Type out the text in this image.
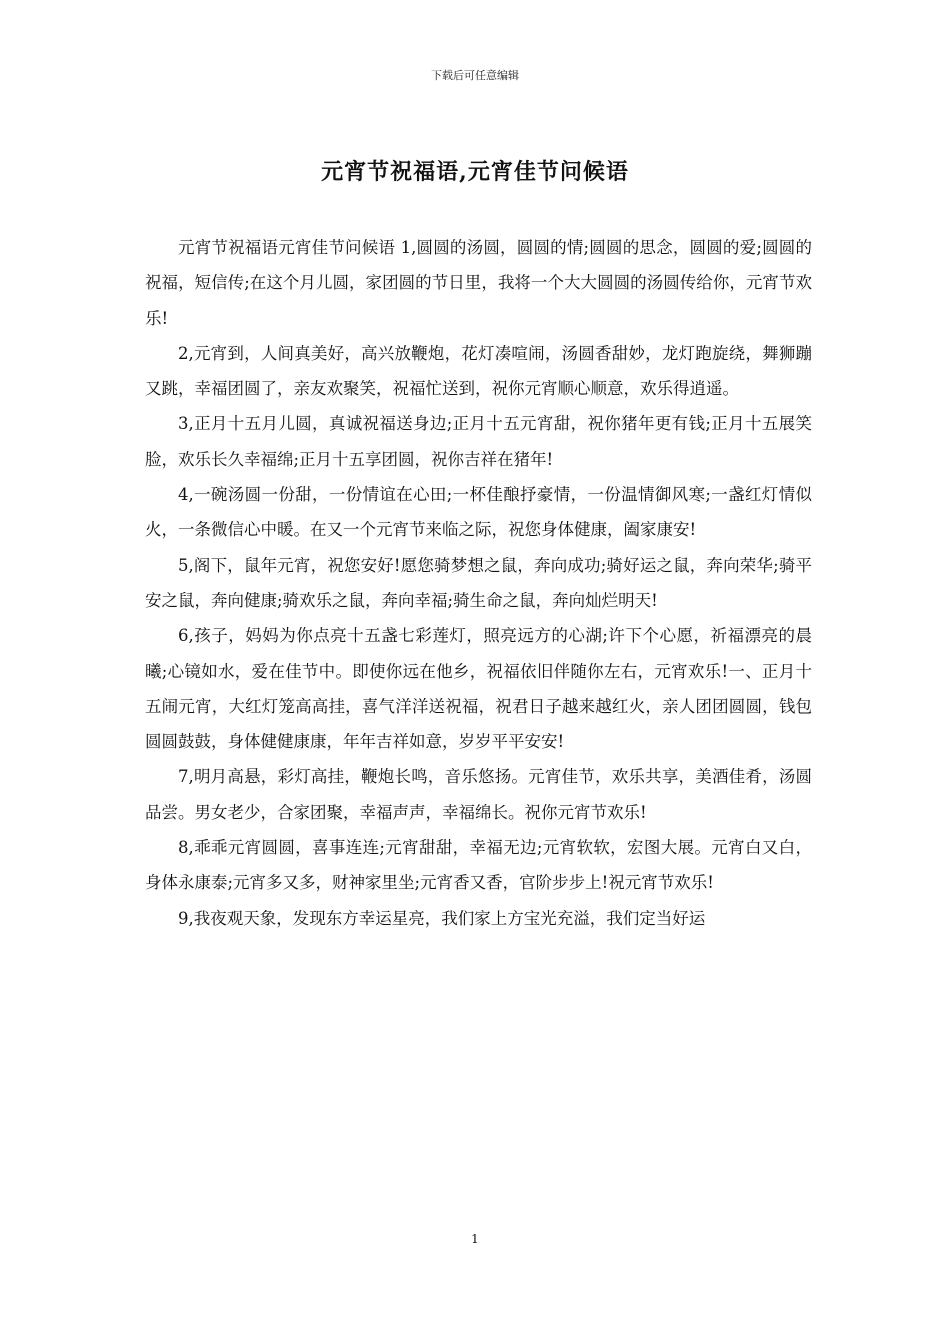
下载后可任意编辑
元宵节祝福语,元宵佳节问候语

元宵节祝福语元宵佳节问候语 1,圆圆的汤圆，圆圆的情;圆圆的思念，圆圆的爱;圆圆的祝福，短信传;在这个月儿圆，家团圆的节日里，我将一个大大圆圆的汤圆传给你，元宵节欢乐!

2,元宵到，人间真美好，高兴放鞭炮，花灯凑喧闹，汤圆香甜妙，龙灯跑旋绕，舞狮蹦又跳，幸福团圆了，亲友欢聚笑，祝福忙送到，祝你元宵顺心顺意，欢乐得逍遥。

3,正月十五月儿圆，真诚祝福送身边;正月十五元宵甜，祝你猪年更有钱;正月十五展笑脸，欢乐长久幸福绵;正月十五享团圆，祝你吉祥在猪年!

4,一碗汤圆一份甜，一份情谊在心田;一杯佳酿抒豪情，一份温情御风寒;一盏红灯情似火，一条微信心中暖。在又一个元宵节来临之际，祝您身体健康，阖家康安!

5,阁下，鼠年元宵，祝您安好!愿您骑梦想之鼠，奔向成功;骑好运之鼠，奔向荣华;骑平安之鼠，奔向健康;骑欢乐之鼠，奔向幸福;骑生命之鼠，奔向灿烂明天!

6,孩子，妈妈为你点亮十五盏七彩莲灯，照亮远方的心湖;许下个心愿，祈福漂亮的晨曦;心镜如水，爱在佳节中。即使你远在他乡，祝福依旧伴随你左右，元宵欢乐!一、正月十五闹元宵，大红灯笼高高挂，喜气洋洋送祝福，祝君日子越来越红火，亲人团团圆圆，钱包圆圆鼓鼓，身体健健康康，年年吉祥如意，岁岁平平安安!

7,明月高悬，彩灯高挂，鞭炮长鸣，音乐悠扬。元宵佳节，欢乐共享，美酒佳肴，汤圆品尝。男女老少，合家团聚，幸福声声，幸福绵长。祝你元宵节欢乐!

8,乖乖元宵圆圆，喜事连连;元宵甜甜，幸福无边;元宵软软，宏图大展。元宵白又白，身体永康泰;元宵多又多，财神家里坐;元宵香又香，官阶步步上!祝元宵节欢乐!

9,我夜观天象，发现东方幸运星亮，我们家上方宝光充溢，我们定当好运

1
